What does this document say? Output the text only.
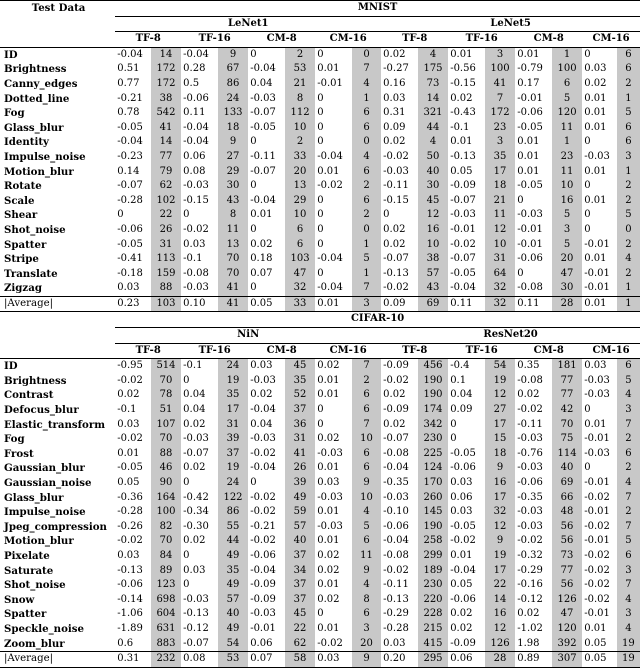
Test Data	MNIST															
	LeNet1								LeNet5							
	TF-8		TF-16		CM-8		CM-16		TF-8		TF-16		CM-8		CM-16	
ID	-0.04	14	-0.04	9	0	2	0	0	0.02	4	0.01	3	0.01	1	0	6
Brightness	0.51	172	0.28	67	-0.04	53	0.01	7	-0.27	175	-0.56	100	-0.79	100	0.03	6
Canny_edges	0.77	172	0.5	86	0.04	21	-0.01	4	0.16	73	-0.15	41	0.17	6	0.02	2
Dotted_line	-0.21	38	-0.06	24	-0.03	8	0	1	0.03	14	0.02	7	-0.01	5	0.01	1
Fog	0.78	542	0.11	133	-0.07	112	0	6	0.31	321	-0.43	172	-0.06	120	0.01	5
Glass_blur	-0.05	41	-0.04	18	-0.05	10	0	6	0.09	44	-0.1	23	-0.05	11	0.01	6
Identity	-0.04	14	-0.04	9	0	2	0	0	0.02	4	0.01	3	0.01	1	0	6
Impulse_noise	-0.23	77	0.06	27	-0.11	33	-0.04	4	-0.02	50	-0.13	35	0.01	23	-0.03	3
Motion_blur	0.14	79	0.08	29	-0.07	20	0.01	6	-0.03	40	0.05	17	0.01	11	0.01	1
Rotate	-0.07	62	-0.03	30	0	13	-0.02	2	-0.11	30	-0.09	18	-0.05	10	0	2
Scale	-0.28	102	-0.15	43	-0.04	29	0	6	-0.15	45	-0.07	21	0	16	0.01	2
Shear	0	22	0	8	0.01	10	0	2	0	12	-0.03	11	-0.03	5	0	5
Shot_noise	-0.06	26	-0.02	11	0	6	0	0	0.02	16	-0.01	12	-0.01	3	0	0
Spatter	-0.05	31	0.03	13	0.02	6	0	1	0.02	10	-0.02	10	-0.01	5	-0.01	2
Stripe	-0.41	113	-0.1	70	0.18	103	-0.04	5	-0.07	38	-0.07	31	-0.06	20	0.01	4
Translate	-0.18	159	-0.08	70	0.07	47	0	1	-0.13	57	-0.05	64	0	47	-0.01	2
Zigzag	0.03	88	-0.03	41	0	32	-0.04	7	-0.02	43	-0.04	32	-0.08	30	-0.01	1
|Average|	0.23	103	0.10	41	0.05	33	0.01	3	0.09	69	0.11	32	0.11	28	0.01	1
	CIFAR-10															
	NiN								ResNet20							
	TF-8		TF-16		CM-8		CM-16		TF-8		TF-16		CM-8		CM-16	
ID	-0.95	514	-0.1	24	0.03	45	0.02	7	-0.09	456	-0.4	54	0.35	181	0.03	6
Brightness	-0.02	70	0	19	-0.03	35	0.01	2	-0.02	190	0.1	19	-0.08	77	-0.03	5
Contrast	0.02	78	0.04	35	0.02	52	0.01	6	0.02	190	0.04	12	0.02	77	-0.03	4
Defocus_blur	-0.1	51	0.04	17	-0.04	37	0	6	-0.09	174	0.09	27	-0.02	42	0	3
Elastic_transform	0.03	107	0.02	31	0.04	36	0	7	0.02	342	0	17	-0.11	70	0.01	7
Fog	-0.02	70	-0.03	39	-0.03	31	0.02	10	-0.07	230	0	15	-0.03	75	-0.01	2
Frost	0.01	88	-0.07	37	-0.02	41	-0.03	6	-0.08	225	-0.05	18	-0.76	114	-0.03	6
Gaussian_blur	-0.05	46	0.02	19	-0.04	26	0.01	6	-0.04	124	-0.06	9	-0.03	40	0	2
Gaussian_noise	0.05	90	0	24	0	39	0.03	9	-0.35	170	0.03	16	-0.06	69	-0.01	4
Glass_blur	-0.36	164	-0.42	122	-0.02	49	-0.03	10	-0.03	260	0.06	17	-0.35	66	-0.02	7
Impulse_noise	-0.28	100	-0.34	86	-0.02	59	0.01	4	-0.10	145	0.03	32	-0.03	48	-0.01	2
Jpeg_compression	-0.26	82	-0.30	55	-0.21	57	-0.03	5	-0.06	190	-0.05	12	-0.03	56	-0.02	7
Motion_blur	-0.02	70	0.02	44	-0.02	40	0.01	6	-0.04	258	-0.02	9	-0.02	56	-0.01	5
Pixelate	0.03	84	0	49	-0.06	37	0.02	11	-0.08	299	0.01	19	-0.32	73	-0.02	6
Saturate	-0.13	89	0.03	35	-0.04	34	0.02	9	-0.02	189	-0.04	17	-0.29	77	-0.02	3
Shot_noise	-0.06	123	0	49	-0.09	37	0.01	4	-0.11	230	0.05	22	-0.16	56	-0.02	7
Snow	-0.14	698	-0.03	57	-0.09	37	0.02	8	-0.13	220	-0.06	14	-0.12	126	-0.02	4
Spatter	-1.06	604	-0.13	40	-0.03	45	0	6	-0.29	228	0.02	16	0.02	47	-0.01	3
Speckle_noise	-1.89	631	-0.12	49	-0.01	22	0.01	3	-0.28	215	0.02	12	-1.02	120	0.01	4
Zoom_blur	0.6	883	-0.07	54	0.06	62	-0.02	20	0.03	415	-0.09	126	1.98	392	0.05	19
|Average|	0.31	232	0.08	53	0.07	58	0.03	9	0.20	295	0.06	28	0.89	307	0.05	19
